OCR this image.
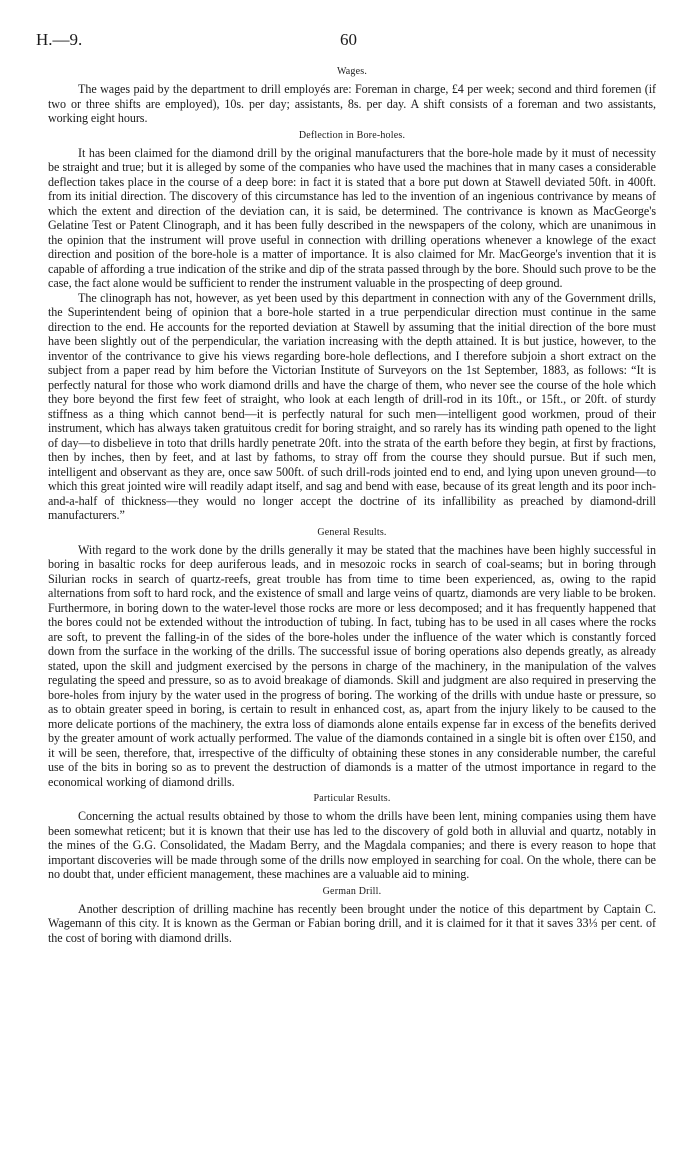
H.—9.	60
Wages.

The wages paid by the department to drill employés are: Foreman in charge, £4 per week; second and third foremen (if two or three shifts are employed), 10s. per day; assistants, 8s. per day. A shift consists of a foreman and two assistants, working eight hours.

Deflection in Bore-holes.

It has been claimed for the diamond drill by the original manufacturers that the bore-hole made by it must of necessity be straight and true; but it is alleged by some of the companies who have used the machines that in many cases a considerable deflection takes place in the course of a deep bore: in fact it is stated that a bore put down at Stawell deviated 50ft. in 400ft. from its initial direction. The discovery of this circumstance has led to the invention of an ingenious contrivance by means of which the extent and direction of the deviation can, it is said, be determined. The contrivance is known as MacGeorge's Gelatine Test or Patent Clinograph, and it has been fully described in the newspapers of the colony, which are unanimous in the opinion that the instrument will prove useful in connection with drilling operations whenever a knowlege of the exact direction and position of the bore-hole is a matter of importance. It is also claimed for Mr. MacGeorge's invention that it is capable of affording a true indication of the strike and dip of the strata passed through by the bore. Should such prove to be the case, the fact alone would be sufficient to render the instrument valuable in the prospecting of deep ground.

The clinograph has not, however, as yet been used by this department in connection with any of the Government drills, the Superintendent being of opinion that a bore-hole started in a true perpendicular direction must continue in the same direction to the end. He accounts for the reported deviation at Stawell by assuming that the initial direction of the bore must have been slightly out of the perpendicular, the variation increasing with the depth attained. It is but justice, however, to the inventor of the contrivance to give his views regarding bore-hole deflections, and I therefore subjoin a short extract on the subject from a paper read by him before the Victorian Institute of Surveyors on the 1st September, 1883, as follows: “It is perfectly natural for those who work diamond drills and have the charge of them, who never see the course of the hole which they bore beyond the first few feet of straight, who look at each length of drill-rod in its 10ft., or 15ft., or 20ft. of sturdy stiffness as a thing which cannot bend—it is perfectly natural for such men—intelligent good workmen, proud of their instrument, which has always taken gratuitous credit for boring straight, and so rarely has its winding path opened to the light of day—to disbelieve in toto that drills hardly penetrate 20ft. into the strata of the earth before they begin, at first by fractions, then by inches, then by feet, and at last by fathoms, to stray off from the course they should pursue. But if such men, intelligent and observant as they are, once saw 500ft. of such drill-rods jointed end to end, and lying upon uneven ground—to which this great jointed wire will readily adapt itself, and sag and bend with ease, because of its great length and its poor inch-and-a-half of thickness—they would no longer accept the doctrine of its infallibility as preached by diamond-drill manufacturers.”

General Results.

With regard to the work done by the drills generally it may be stated that the machines have been highly successful in boring in basaltic rocks for deep auriferous leads, and in mesozoic rocks in search of coal-seams; but in boring through Silurian rocks in search of quartz-reefs, great trouble has from time to time been experienced, as, owing to the rapid alternations from soft to hard rock, and the existence of small and large veins of quartz, diamonds are very liable to be broken. Furthermore, in boring down to the water-level those rocks are more or less decomposed; and it has frequently happened that the bores could not be extended without the introduction of tubing. In fact, tubing has to be used in all cases where the rocks are soft, to prevent the falling-in of the sides of the bore-holes under the influence of the water which is constantly forced down from the surface in the working of the drills. The successful issue of boring operations also depends greatly, as already stated, upon the skill and judgment exercised by the persons in charge of the machinery, in the manipulation of the valves regulating the speed and pressure, so as to avoid breakage of diamonds. Skill and judgment are also required in preserving the bore-holes from injury by the water used in the progress of boring. The working of the drills with undue haste or pressure, so as to obtain greater speed in boring, is certain to result in enhanced cost, as, apart from the injury likely to be caused to the more delicate portions of the machinery, the extra loss of diamonds alone entails expense far in excess of the benefits derived by the greater amount of work actually performed. The value of the diamonds contained in a single bit is often over £150, and it will be seen, therefore, that, irrespective of the difficulty of obtaining these stones in any considerable number, the careful use of the bits in boring so as to prevent the destruction of diamonds is a matter of the utmost importance in regard to the economical working of diamond drills.

Particular Results.

Concerning the actual results obtained by those to whom the drills have been lent, mining companies using them have been somewhat reticent; but it is known that their use has led to the discovery of gold both in alluvial and quartz, notably in the mines of the G.G. Consolidated, the Madam Berry, and the Magdala companies; and there is every reason to hope that important discoveries will be made through some of the drills now employed in searching for coal. On the whole, there can be no doubt that, under efficient management, these machines are a valuable aid to mining.

German Drill.

Another description of drilling machine has recently been brought under the notice of this department by Captain C. Wagemann of this city. It is known as the German or Fabian boring drill, and it is claimed for it that it saves 33⅓ per cent. of the cost of boring with diamond drills.
